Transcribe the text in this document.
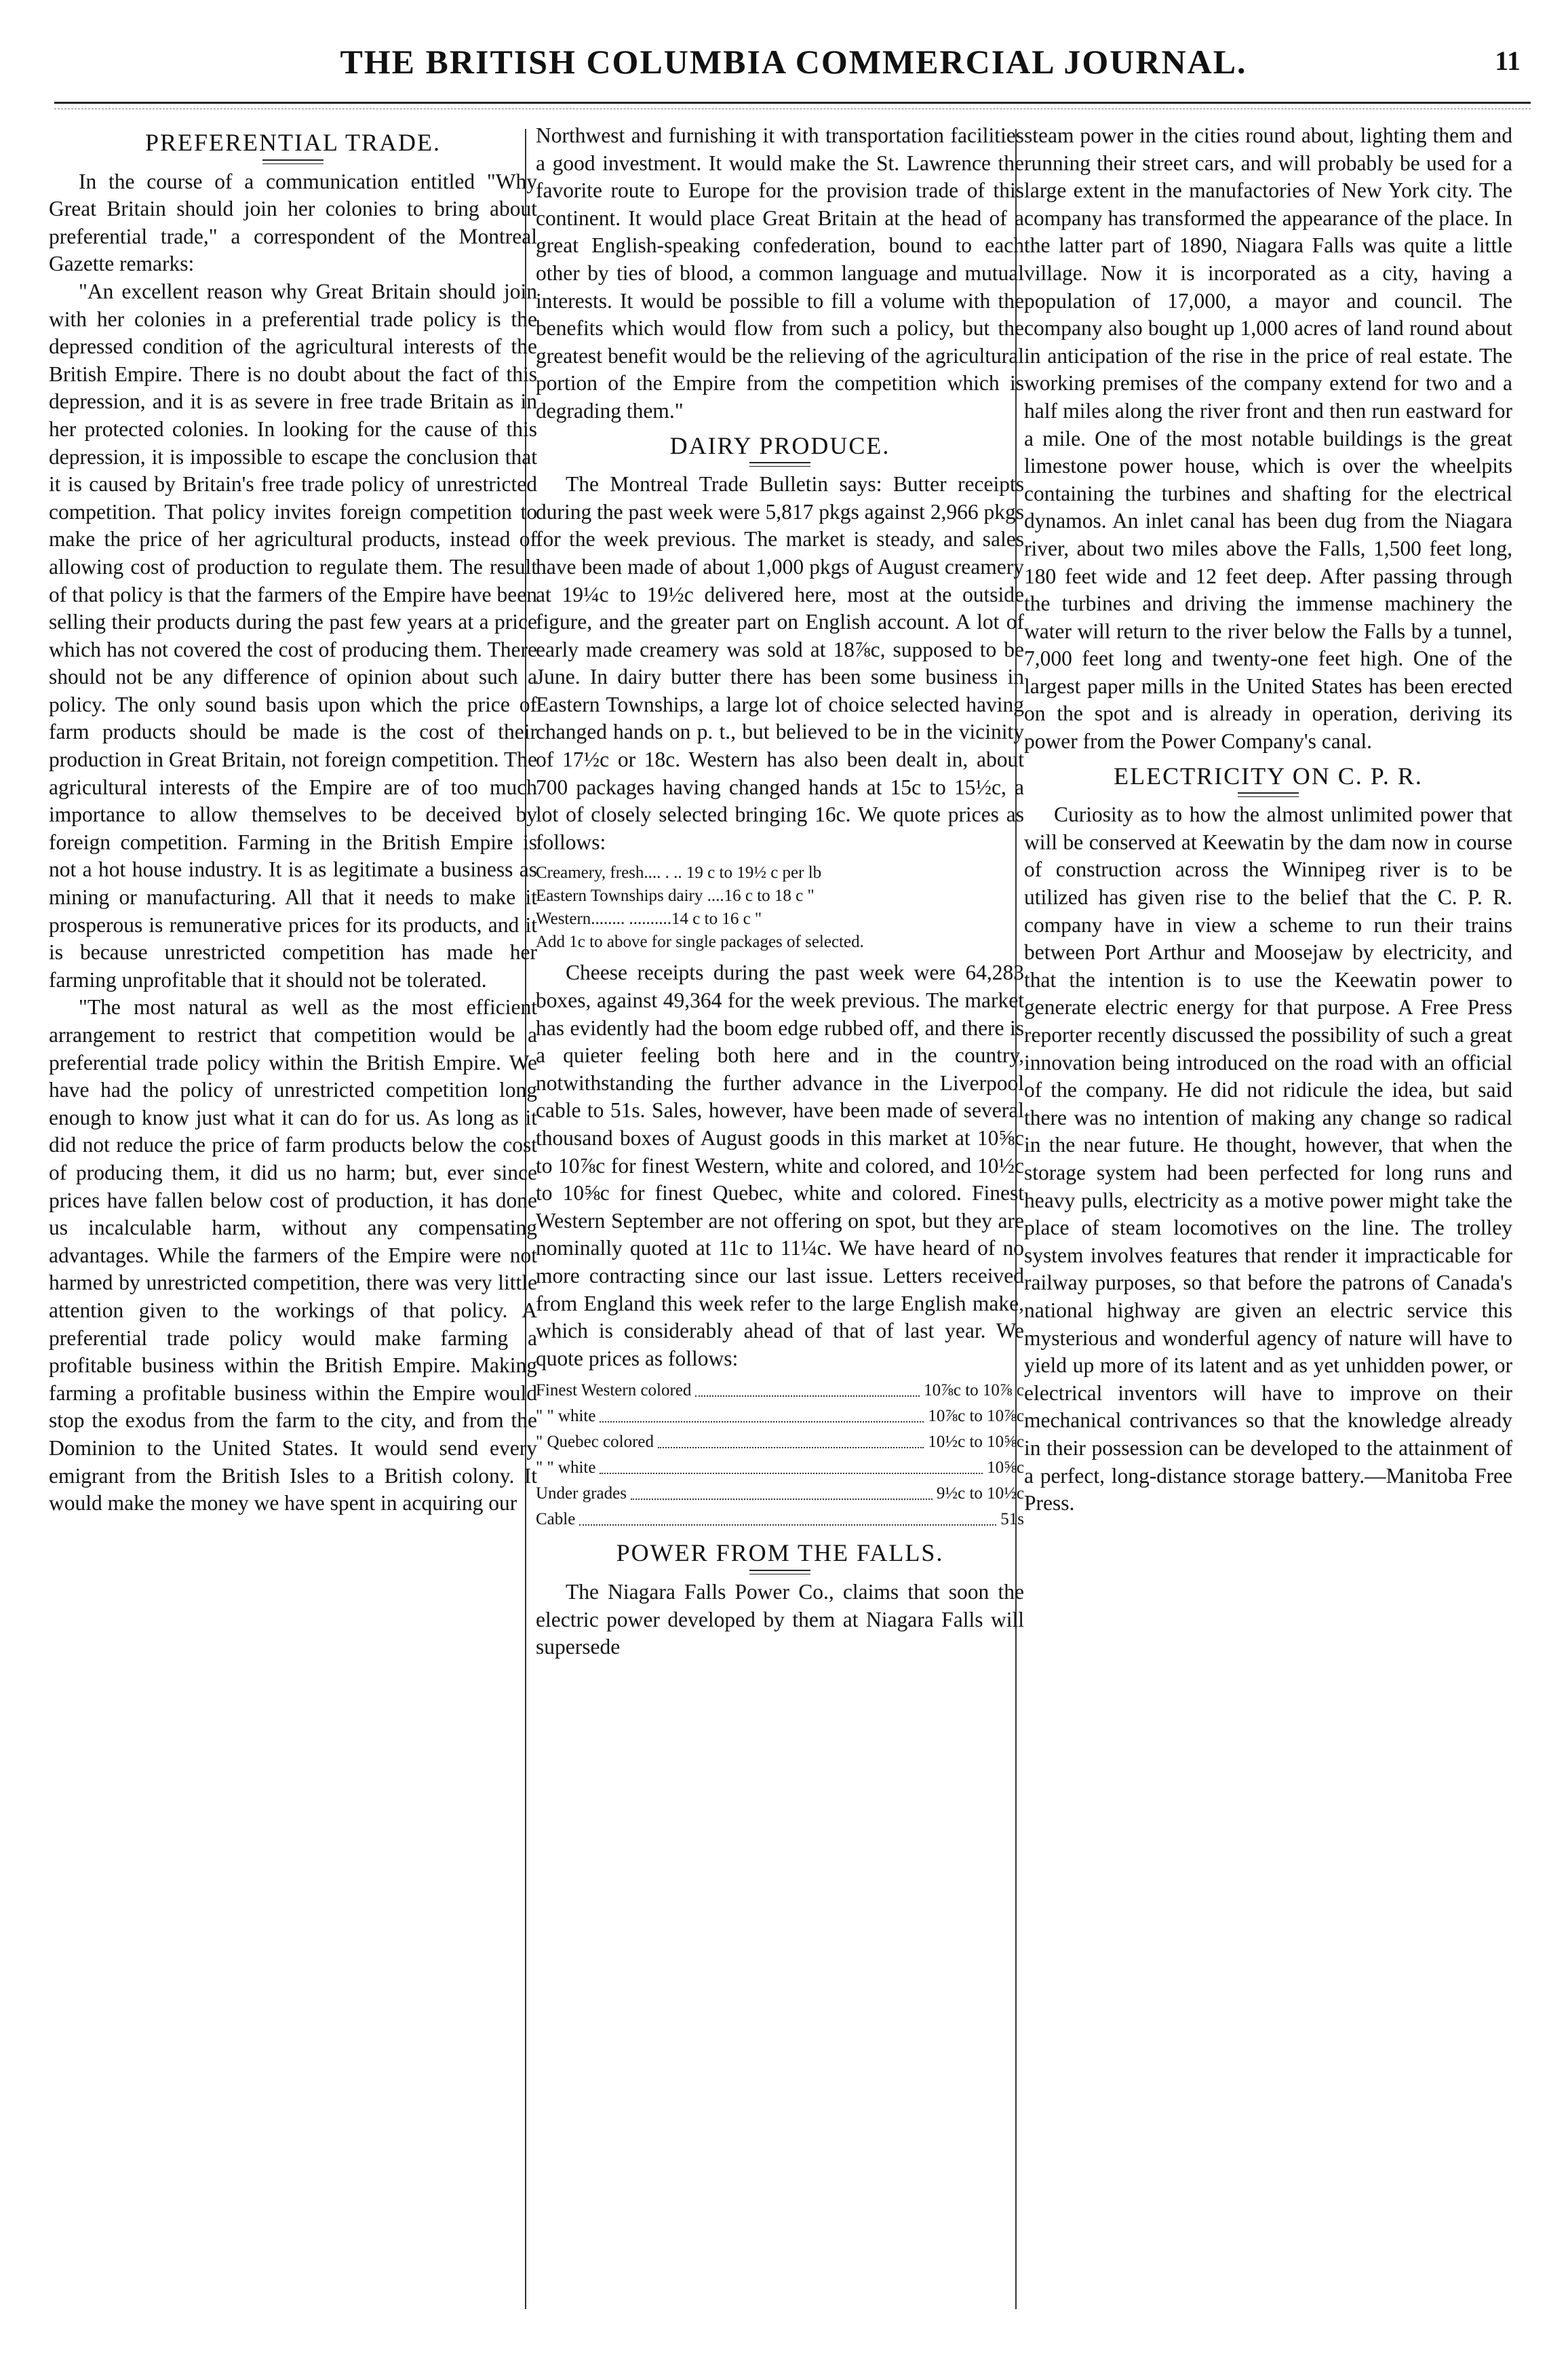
THE BRITISH COLUMBIA COMMERCIAL JOURNAL.	11
PREFERENTIAL TRADE.

In the course of a communication entitled "Why Great Britain should join her colonies to bring about preferential trade," a correspondent of the Montreal Gazette remarks:

"An excellent reason why Great Britain should join with her colonies in a preferential trade policy is the depressed condition of the agricultural interests of the British Empire. There is no doubt about the fact of this depression, and it is as severe in free trade Britain as in her protected colonies. In looking for the cause of this depression, it is impossible to escape the conclusion that it is caused by Britain's free trade policy of unrestricted competition. That policy invites foreign competition to make the price of her agricultural products, instead of allowing cost of production to regulate them. The result of that policy is that the farmers of the Empire have been selling their products during the past few years at a price which has not covered the cost of producing them. There should not be any difference of opinion about such a policy. The only sound basis upon which the price of farm products should be made is the cost of their production in Great Britain, not foreign competition. The agricultural interests of the Empire are of too much importance to allow themselves to be deceived by foreign competition. Farming in the British Empire is not a hot house industry. It is as legitimate a business as mining or manufacturing. All that it needs to make it prosperous is remunerative prices for its products, and it is because unrestricted competition has made her farming unprofitable that it should not be tolerated.

"The most natural as well as the most efficient arrangement to restrict that competition would be a preferential trade policy within the British Empire. We have had the policy of unrestricted competition long enough to know just what it can do for us. As long as it did not reduce the price of farm products below the cost of producing them, it did us no harm; but, ever since prices have fallen below cost of production, it has done us incalculable harm, without any compensating advantages. While the farmers of the Empire were not harmed by unrestricted competition, there was very little attention given to the workings of that policy. A preferential trade policy would make farming a profitable business within the British Empire. Making farming a profitable business within the Empire would stop the exodus from the farm to the city, and from the Dominion to the United States. It would send every emigrant from the British Isles to a British colony. It would make the money we have spent in acquiring our

Northwest and furnishing it with transportation facilities a good investment. It would make the St. Lawrence the favorite route to Europe for the provision trade of this continent. It would place Great Britain at the head of a great English-speaking confederation, bound to each other by ties of blood, a common language and mutual interests. It would be possible to fill a volume with the benefits which would flow from such a policy, but the greatest benefit would be the relieving of the agricultural portion of the Empire from the competition which is degrading them."

DAIRY PRODUCE.

The Montreal Trade Bulletin says: Butter receipts during the past week were 5,817 pkgs against 2,966 pkgs for the week previous. The market is steady, and sales have been made of about 1,000 pkgs of August creamery at 19¼c to 19½c delivered here, most at the outside figure, and the greater part on English account. A lot of early made creamery was sold at 18⅞c, supposed to be June. In dairy butter there has been some business in Eastern Townships, a large lot of choice selected having changed hands on p. t., but believed to be in the vicinity of 17½c or 18c. Western has also been dealt in, about 700 packages having changed hands at 15c to 15½c, a lot of closely selected bringing 16c. We quote prices as follows:

Creamery, fresh.... . .. 19 c to 19½ c per lb
Eastern Townships dairy ....16 c to 18 c "
Western........ ..........14 c to 16 c "
Add 1c to above for single packages of selected.

Cheese receipts during the past week were 64,283 boxes, against 49,364 for the week previous. The market has evidently had the boom edge rubbed off, and there is a quieter feeling both here and in the country, notwithstanding the further advance in the Liverpool cable to 51s. Sales, however, have been made of several thousand boxes of August goods in this market at 10⅝c to 10⅞c for finest Western, white and colored, and 10½c to 10⅝c for finest Quebec, white and colored. Finest Western September are not offering on spot, but they are nominally quoted at 11c to 11¼c. We have heard of no more contracting since our last issue. Letters received from England this week refer to the large English make, which is considerably ahead of that of last year. We quote prices as follows:

Finest Western colored	10⅞c to 10⅞ c
" " white	10⅞c to 10⅞c
" Quebec colored	10½c to 10⅝c
" " white	10⅝c
Under grades	9½c to 10½c
Cable	51s
POWER FROM THE FALLS.

The Niagara Falls Power Co., claims that soon the electric power developed by them at Niagara Falls will supersede

steam power in the cities round about, lighting them and running their street cars, and will probably be used for a large extent in the manufactories of New York city. The company has transformed the appearance of the place. In the latter part of 1890, Niagara Falls was quite a little village. Now it is incorporated as a city, having a population of 17,000, a mayor and council. The company also bought up 1,000 acres of land round about in anticipation of the rise in the price of real estate. The working premises of the company extend for two and a half miles along the river front and then run eastward for a mile. One of the most notable buildings is the great limestone power house, which is over the wheelpits containing the turbines and shafting for the electrical dynamos. An inlet canal has been dug from the Niagara river, about two miles above the Falls, 1,500 feet long, 180 feet wide and 12 feet deep. After passing through the turbines and driving the immense machinery the water will return to the river below the Falls by a tunnel, 7,000 feet long and twenty-one feet high. One of the largest paper mills in the United States has been erected on the spot and is already in operation, deriving its power from the Power Company's canal.

ELECTRICITY ON C. P. R.

Curiosity as to how the almost unlimited power that will be conserved at Keewatin by the dam now in course of construction across the Winnipeg river is to be utilized has given rise to the belief that the C. P. R. company have in view a scheme to run their trains between Port Arthur and Moosejaw by electricity, and that the intention is to use the Keewatin power to generate electric energy for that purpose. A Free Press reporter recently discussed the possibility of such a great innovation being introduced on the road with an official of the company. He did not ridicule the idea, but said there was no intention of making any change so radical in the near future. He thought, however, that when the storage system had been perfected for long runs and heavy pulls, electricity as a motive power might take the place of steam locomotives on the line. The trolley system involves features that render it impracticable for railway purposes, so that before the patrons of Canada's national highway are given an electric service this mysterious and wonderful agency of nature will have to yield up more of its latent and as yet unhidden power, or electrical inventors will have to improve on their mechanical contrivances so that the knowledge already in their possession can be developed to the attainment of a perfect, long-distance storage battery.—Manitoba Free Press.
